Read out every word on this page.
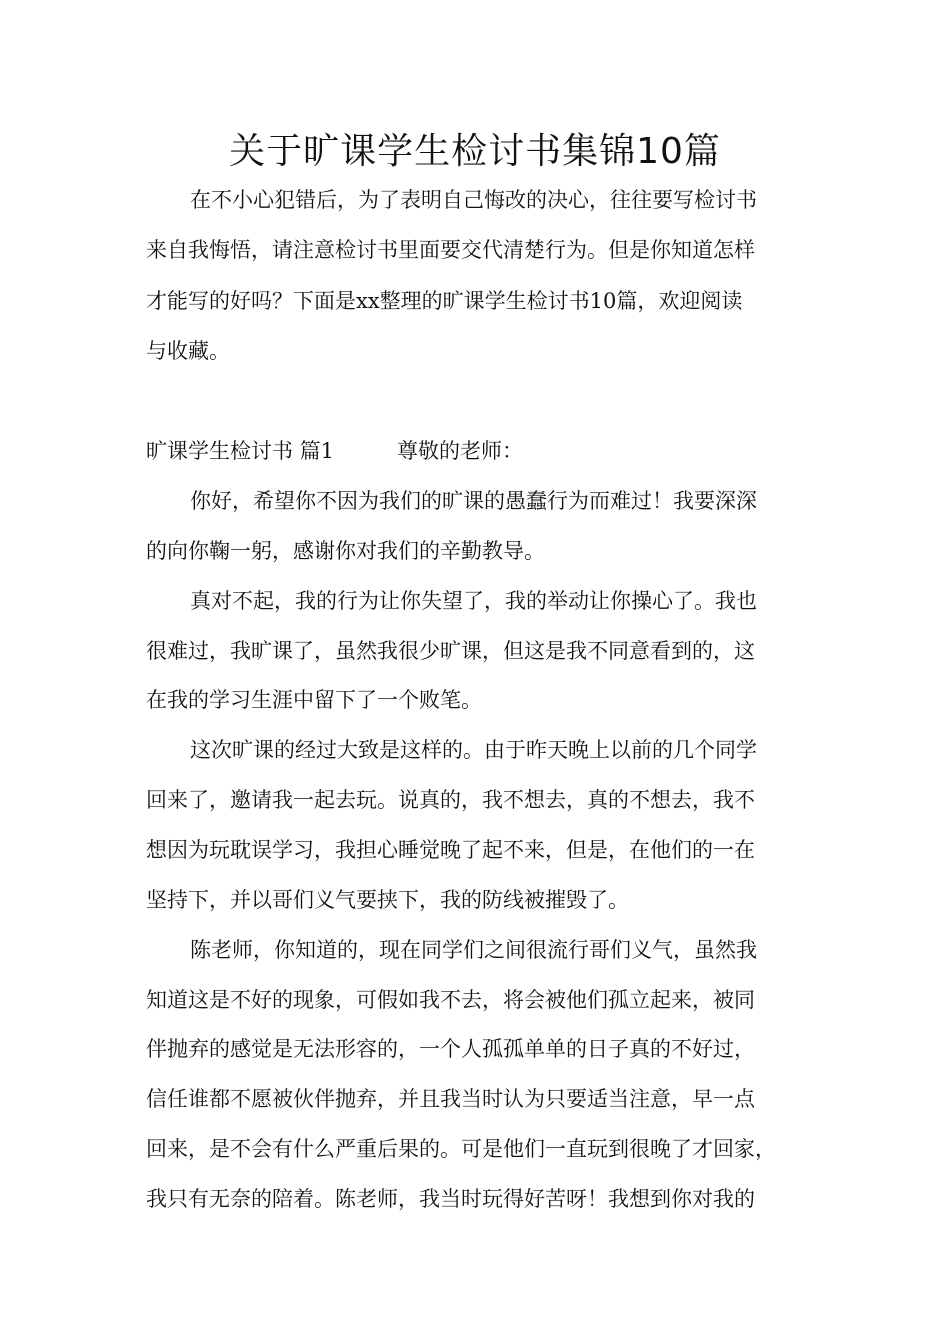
关于旷课学生检讨书集锦10篇

在不小心犯错后，为了表明自己悔改的决心，往往要写检讨书

来自我悔悟，请注意检讨书里面要交代清楚行为。但是你知道怎样

才能写的好吗？下面是xx整理的旷课学生检讨书10篇，欢迎阅读

与收藏。

旷课学生检讨书 篇1	尊敬的老师：

你好，希望你不因为我们的旷课的愚蠢行为而难过！我要深深

的向你鞠一躬，感谢你对我们的辛勤教导。

真对不起，我的行为让你失望了，我的举动让你操心了。我也

很难过，我旷课了，虽然我很少旷课，但这是我不同意看到的，这

在我的学习生涯中留下了一个败笔。

这次旷课的经过大致是这样的。由于昨天晚上以前的几个同学

回来了，邀请我一起去玩。说真的，我不想去，真的不想去，我不

想因为玩耽误学习，我担心睡觉晚了起不来，但是，在他们的一在

坚持下，并以哥们义气要挟下，我的防线被摧毁了。

陈老师，你知道的，现在同学们之间很流行哥们义气，虽然我

知道这是不好的现象，可假如我不去，将会被他们孤立起来，被同

伴抛弃的感觉是无法形容的，一个人孤孤单单的日子真的不好过，

信任谁都不愿被伙伴抛弃，并且我当时认为只要适当注意，早一点

回来，是不会有什么严重后果的。可是他们一直玩到很晚了才回家，

我只有无奈的陪着。陈老师，我当时玩得好苦呀！我想到你对我的
